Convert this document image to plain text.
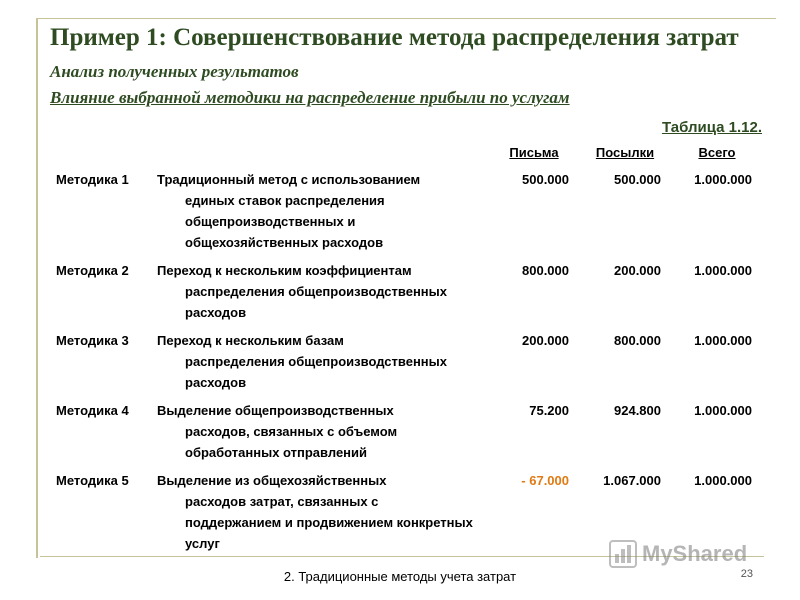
Пример 1: Совершенствование метода распределения затрат
Анализ полученных результатов
Влияние выбранной методики на распределение прибыли по услугам
Таблица 1.12.
Письма	Посылки	Всего
Методика 1 Традиционный метод с использованием
единых ставок распределения общепроизводственных и общехозяйственных расходов
500.000	500.000	1.000.000
Методика 2 Переход к нескольким коэффициентам
распределения общепроизводственных расходов
800.000	200.000	1.000.000
Методика 3 Переход к нескольким базам
распределения общепроизводственных расходов
200.000	800.000	1.000.000
Методика 4 Выделение общепроизводственных
расходов, связанных с объемом обработанных отправлений
75.200	924.800	1.000.000
Методика 5 Выделение из общехозяйственных
расходов затрат, связанных с поддержанием и продвижением конкретных услуг
- 67.000	1.067.000	1.000.000
MyShared
2. Традиционные методы учета затрат	23
